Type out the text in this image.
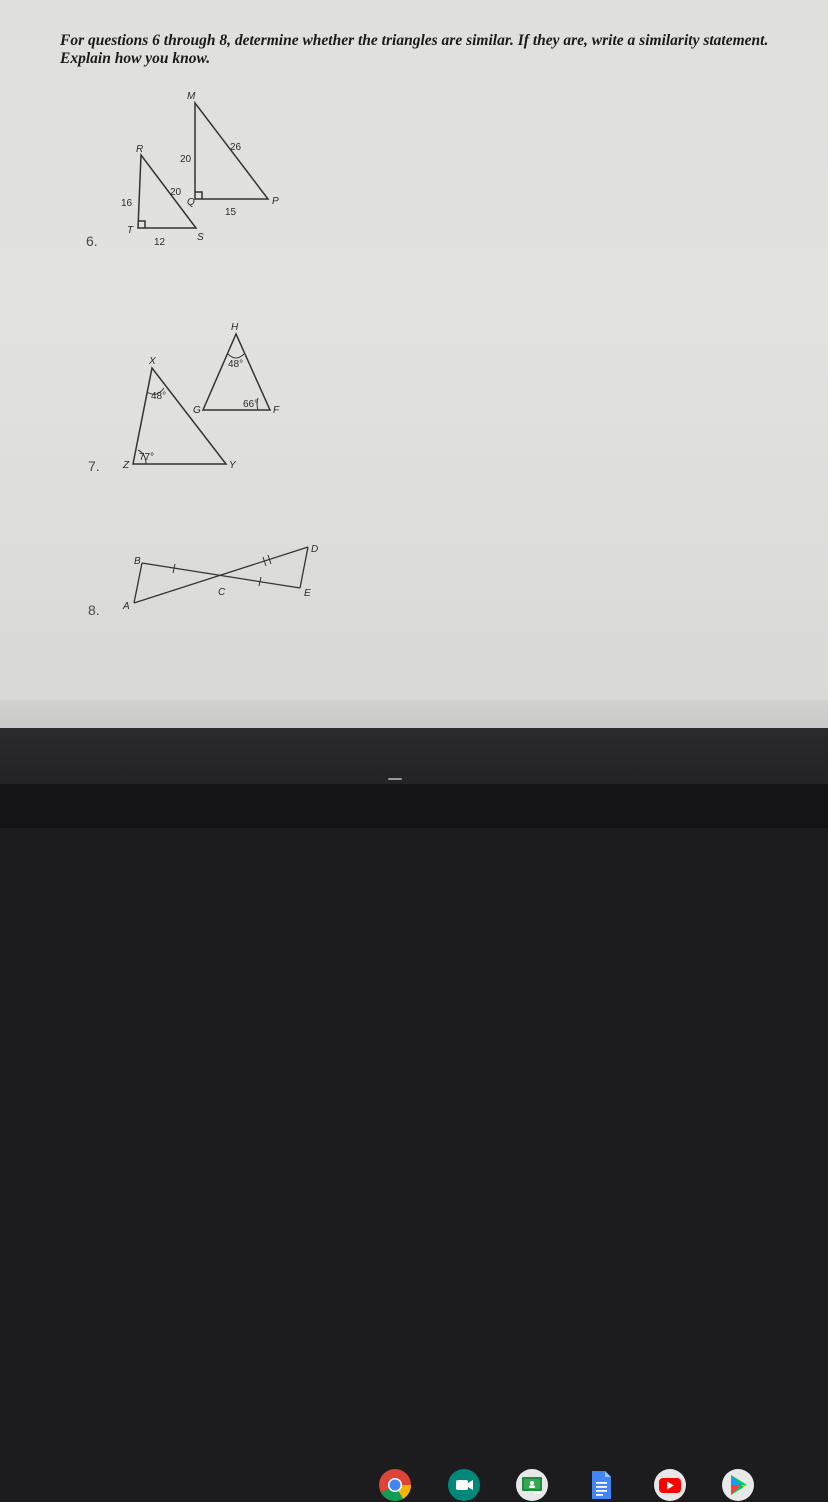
For questions 6 through 8, determine whether the triangles are similar. If they are, write a similarity statement. Explain how you know.

6.
M
R
Q	P
T
S
20
26
15
16
20
12
7.
H
X
G	F
Z	Y
48°
66°
48°
77°
8.
B
D
C	E
A
